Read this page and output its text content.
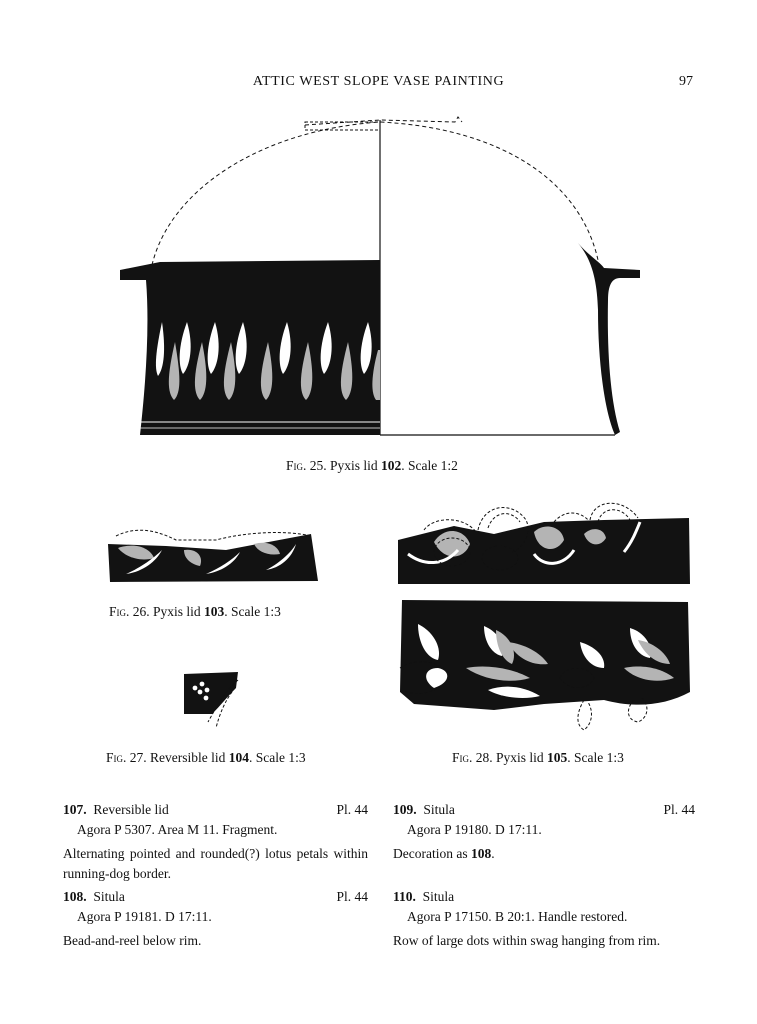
ATTIC WEST SLOPE VASE PAINTING	97
Fig. 25. Pyxis lid 102. Scale 1:2
Fig. 26. Pyxis lid 103. Scale 1:3
Fig. 27. Reversible lid 104. Scale 1:3	Fig. 28. Pyxis lid 105. Scale 1:3
107. Reversible lid	Pl. 44
Agora P 5307. Area M 11. Fragment.
Alternating pointed and rounded(?) lotus petals within running-dog border.
108. Situla	Pl. 44
Agora P 19181. D 17:11.
Bead-and-reel below rim.
109. Situla	Pl. 44
Agora P 19180. D 17:11.
Decoration as 108.
110. Situla
Agora P 17150. B 20:1. Handle restored.
Row of large dots within swag hanging from rim.
